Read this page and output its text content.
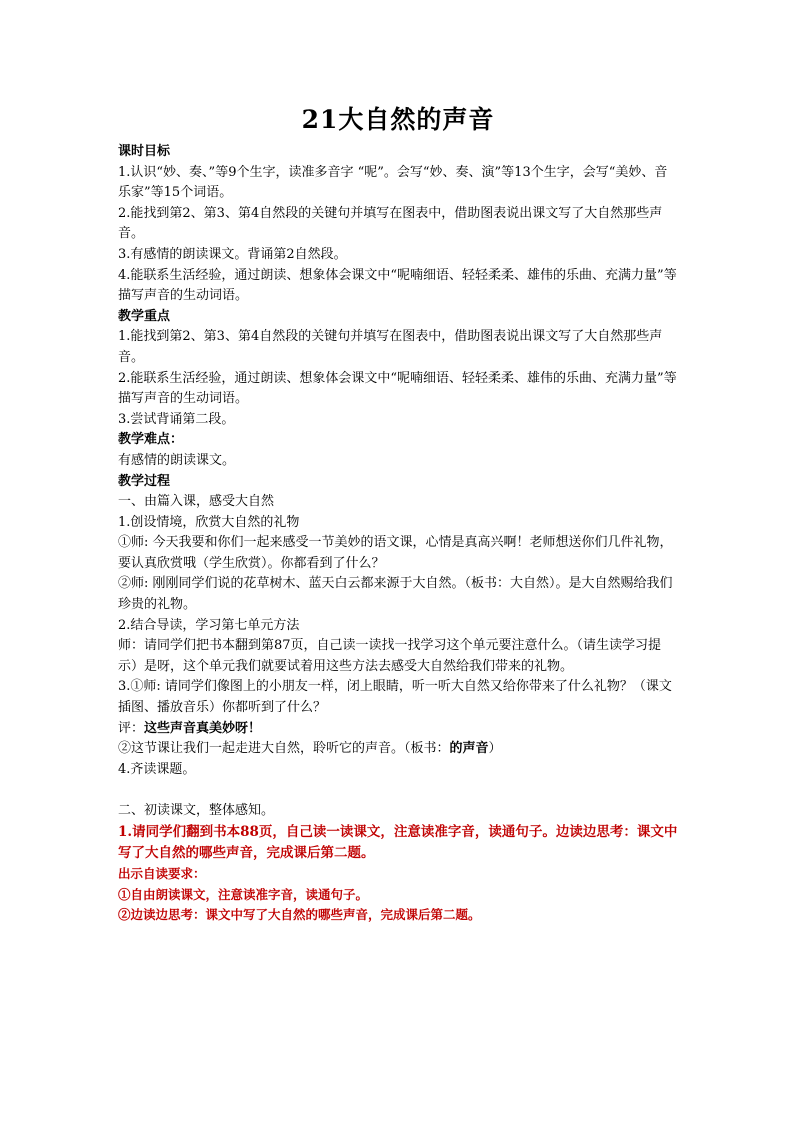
21大自然的声音

课时目标

1.认识“妙、奏、”等9个生字，读准多音字 “呢”。会写“妙、奏、演”等13个生字，会写“美妙、音乐家”等15个词语。

2.能找到第2、第3、第4自然段的关键句并填写在图表中，借助图表说出课文写了大自然那些声音。

3.有感情的朗读课文。背诵第2自然段。

4.能联系生活经验，通过朗读、想象体会课文中“呢喃细语、轻轻柔柔、雄伟的乐曲、充满力量”等描写声音的生动词语。

教学重点

1.能找到第2、第3、第4自然段的关键句并填写在图表中，借助图表说出课文写了大自然那些声音。

2.能联系生活经验，通过朗读、想象体会课文中“呢喃细语、轻轻柔柔、雄伟的乐曲、充满力量”等描写声音的生动词语。

3.尝试背诵第二段。

教学难点：

有感情的朗读课文。

教学过程

一、由篇入课，感受大自然

1.创设情境，欣赏大自然的礼物

①师: 今天我要和你们一起来感受一节美妙的语文课，心情是真高兴啊！老师想送你们几件礼物，要认真欣赏哦（学生欣赏）。你都看到了什么？

②师: 刚刚同学们说的花草树木、蓝天白云都来源于大自然。（板书：大自然）。是大自然赐给我们珍贵的礼物。

2.结合导读，学习第七单元方法

师：请同学们把书本翻到第87页，自己读一读找一找学习这个单元要注意什么。（请生读学习提示）是呀，这个单元我们就要试着用这些方法去感受大自然给我们带来的礼物。

3.①师: 请同学们像图上的小朋友一样，闭上眼睛，听一听大自然又给你带来了什么礼物？（课文插图、播放音乐）你都听到了什么？

评：这些声音真美妙呀！

②这节课让我们一起走进大自然，聆听它的声音。（板书：的声音）

4.齐读课题。

二、初读课文，整体感知。

1.请同学们翻到书本88页，自己读一读课文，注意读准字音，读通句子。边读边思考：课文中写了大自然的哪些声音，完成课后第二题。

出示自读要求：

①自由朗读课文，注意读准字音，读通句子。

②边读边思考：课文中写了大自然的哪些声音，完成课后第二题。
